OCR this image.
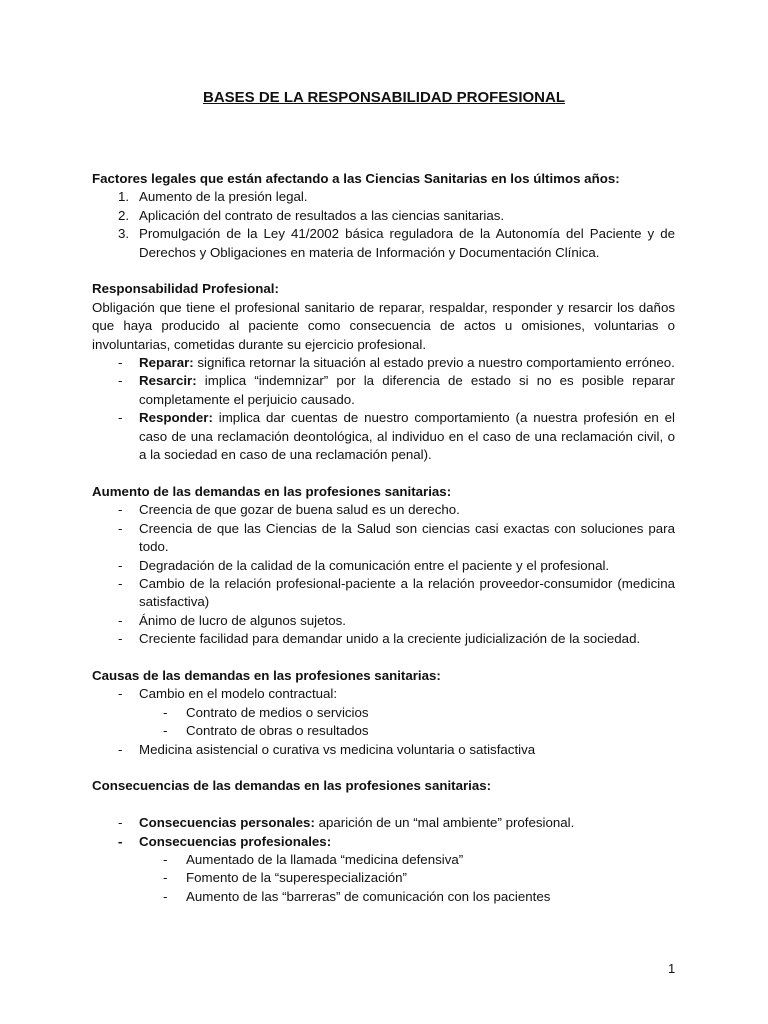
BASES DE LA RESPONSABILIDAD PROFESIONAL
Factores legales que están afectando a las Ciencias Sanitarias en los últimos años:
1. Aumento de la presión legal.
2. Aplicación del contrato de resultados a las ciencias sanitarias.
3. Promulgación de la Ley 41/2002 básica reguladora de la Autonomía del Paciente y de Derechos y Obligaciones en materia de Información y Documentación Clínica.
Responsabilidad Profesional:
Obligación que tiene el profesional sanitario de reparar, respaldar, responder y resarcir los daños que haya producido al paciente como consecuencia de actos u omisiones, voluntarias o involuntarias, cometidas durante su ejercicio profesional.
- Reparar: significa retornar la situación al estado previo a nuestro comportamiento erróneo.
- Resarcir: implica “indemnizar” por la diferencia de estado si no es posible reparar completamente el perjuicio causado.
- Responder: implica dar cuentas de nuestro comportamiento (a nuestra profesión en el caso de una reclamación deontológica, al individuo en el caso de una reclamación civil, o a la sociedad en caso de una reclamación penal).
Aumento de las demandas en las profesiones sanitarias:
- Creencia de que gozar de buena salud es un derecho.
- Creencia de que las Ciencias de la Salud son ciencias casi exactas con soluciones para todo.
- Degradación de la calidad de la comunicación entre el paciente y el profesional.
- Cambio de la relación profesional-paciente a la relación proveedor-consumidor (medicina satisfactiva)
- Ánimo de lucro de algunos sujetos.
- Creciente facilidad para demandar unido a la creciente judicialización de la sociedad.
Causas de las demandas en las profesiones sanitarias:
- Cambio en el modelo contractual:
- Contrato de medios o servicios
- Contrato de obras o resultados
- Medicina asistencial o curativa vs medicina voluntaria o satisfactiva
Consecuencias de las demandas en las profesiones sanitarias:
- Consecuencias personales: aparición de un “mal ambiente” profesional.
- Consecuencias profesionales:
- Aumentado de la llamada “medicina defensiva”
- Fomento de la “superespecialización”
- Aumento de las “barreras” de comunicación con los pacientes
1
